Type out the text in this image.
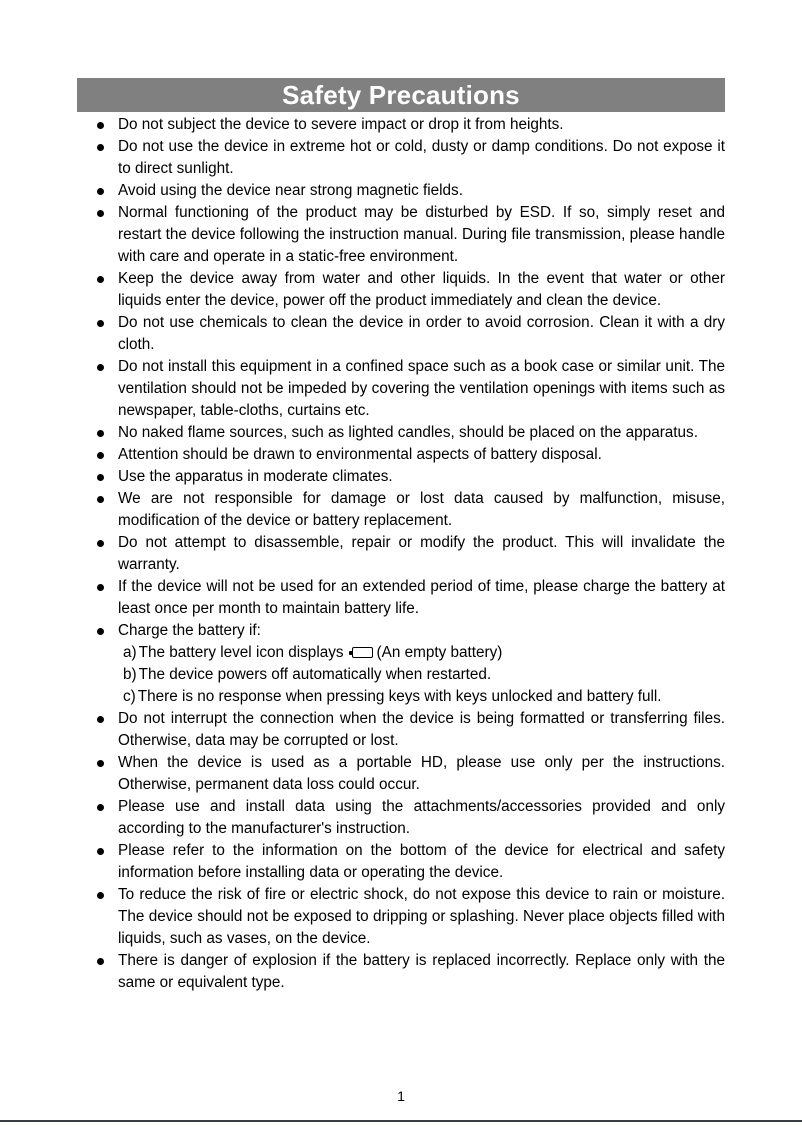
Safety Precautions
Do not subject the device to severe impact or drop it from heights.
Do not use the device in extreme hot or cold, dusty or damp conditions. Do not expose it to direct sunlight.
Avoid using the device near strong magnetic fields.
Normal functioning of the product may be disturbed by ESD. If so, simply reset and restart the device following the instruction manual. During file transmission, please handle with care and operate in a static-free environment.
Keep the device away from water and other liquids. In the event that water or other liquids enter the device, power off the product immediately and clean the device.
Do not use chemicals to clean the device in order to avoid corrosion. Clean it with a dry cloth.
Do not install this equipment in a confined space such as a book case or similar unit. The ventilation should not be impeded by covering the ventilation openings with items such as newspaper, table-cloths, curtains etc.
No naked flame sources, such as lighted candles, should be placed on the apparatus.
Attention should be drawn to environmental aspects of battery disposal.
Use the apparatus in moderate climates.
We are not responsible for damage or lost data caused by malfunction, misuse, modification of the device or battery replacement.
Do not attempt to disassemble, repair or modify the product. This will invalidate the warranty.
If the device will not be used for an extended period of time, please charge the battery at least once per month to maintain battery life.
Charge the battery if:
a) The battery level icon displays (An empty battery)
b) The device powers off automatically when restarted.
c) There is no response when pressing keys with keys unlocked and battery full.
Do not interrupt the connection when the device is being formatted or transferring files. Otherwise, data may be corrupted or lost.
When the device is used as a portable HD, please use only per the instructions. Otherwise, permanent data loss could occur.
Please use and install data using the attachments/accessories provided and only according to the manufacturer's instruction.
Please refer to the information on the bottom of the device for electrical and safety information before installing data or operating the device.
To reduce the risk of fire or electric shock, do not expose this device to rain or moisture. The device should not be exposed to dripping or splashing. Never place objects filled with liquids, such as vases, on the device.
There is danger of explosion if the battery is replaced incorrectly. Replace only with the same or equivalent type.
1
